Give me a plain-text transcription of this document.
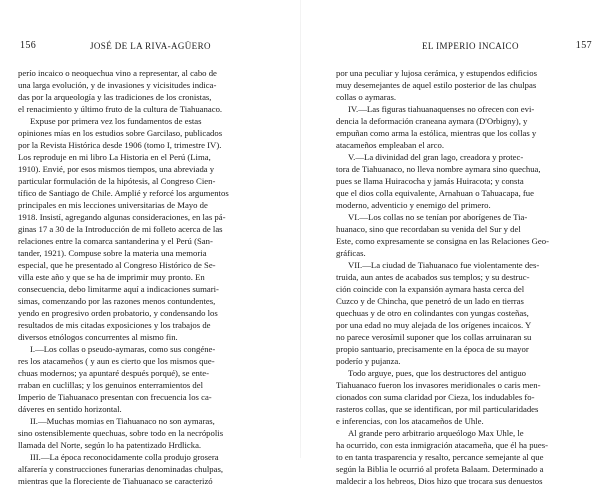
156	JOSÉ DE LA RIVA-AGÜERO
perío incaico o neoquechua vino a representar, al cabo de
una larga evolución, y de invasiones y vicisitudes indica-
das por la arqueología y las tradiciones de los cronistas,
el renacimiento y último fruto de la cultura de Tiahuanaco.
Expuse por primera vez los fundamentos de estas
opiniones mías en los estudios sobre Garcilaso, publicados
por la Revista Histórica desde 1906 (tomo I, trimestre IV).
Los reproduje en mi libro La Historia en el Perú (Lima,
1910). Envié, por esos mismos tiempos, una abreviada y
particular formulación de la hipótesis, al Congreso Cien-
tífico de Santiago de Chile. Amplié y reforcé los argumentos
principales en mis lecciones universitarias de Mayo de
1918. Insistí, agregando algunas consideraciones, en las pá-
ginas 17 a 30 de la Introducción de mi folleto acerca de las
relaciones entre la comarca santanderina y el Perú (San-
tander, 1921). Compuse sobre la materia una memoria
especial, que he presentado al Congreso Histórico de Se-
villa este año y que se ha de imprimir muy pronto. En
consecuencia, debo limitarme aquí a indicaciones sumari-
simas, comenzando por las razones menos contundentes,
yendo en progresivo orden probatorio, y condensando los
resultados de mis citadas exposiciones y los trabajos de
diversos etnólogos concurrentes al mismo fin.
I.—Los collas o pseudo-aymaras, como sus congéne-
res los atacameños ( y aun es cierto que los mismos que-
chuas modernos; ya apuntaré después porqué), se ente-
rraban en cuclillas; y los genuinos enterramientos del
Imperio de Tiahuanaco presentan con frecuencia los ca-
dáveres en sentido horizontal.
II.—Muchas momias en Tiahuanaco no son aymaras,
sino ostensiblemente quechuas, sobre todo en la necrópolis
llamada del Norte, según lo ha patentizado Hrdlicka.
III.—La época reconocidamente colla produjo grosera
alfarería y construcciones funerarias denominadas chulpas,
mientras que la floreciente de Tiahuanaco se caracterizó
EL IMPERIO INCAICO	157
por una peculiar y lujosa cerámica, y estupendos edificios
muy desemejantes de aquel estilo posterior de las chulpas
collas o aymaras.
IV.—Las figuras tiahuanaquenses no ofrecen con evi-
dencia la deformación craneana aymara (D'Orbigny), y
empuñan como arma la estólica, mientras que los collas y
atacameños empleaban el arco.
V.—La divinidad del gran lago, creadora y protec-
tora de Tiahuanaco, no lleva nombre aymara sino quechua,
pues se llama Huiracocha y jamás Huiracota; y consta
que el dios colla equivalente, Arnahuan o Tahuacapa, fue
moderno, adventicio y enemigo del primero.
VI.—Los collas no se tenían por aborígenes de Tia-
huanaco, sino que recordaban su venida del Sur y del
Este, como expresamente se consigna en las Relaciones Geo-
gráficas.
VII.—La ciudad de Tiahuanaco fue violentamente des-
truida, aun antes de acabados sus templos; y su destruc-
ción coincide con la expansión aymara hasta cerca del
Cuzco y de Chincha, que penetró de un lado en tierras
quechuas y de otro en colindantes con yungas costeñas,
por una edad no muy alejada de los orígenes incaicos. Y
no parece verosímil suponer que los collas arruinaran su
propio santuario, precisamente en la época de su mayor
poderío y pujanza.
Todo arguye, pues, que los destructores del antiguo
Tiahuanaco fueron los invasores meridionales o caris men-
cionados con suma claridad por Cieza, los indudables fo-
rasteros collas, que se identifican, por mil particularidades
e inferencias, con los atacameños de Uhle.
Al grande pero arbitrario arqueólogo Max Uhle, le
ha ocurrido, con esta inmigración atacameña, que él ha pues-
to en tanta trasparencia y resalto, percance semejante al que
según la Biblia le ocurrió al profeta Balaam. Determinado a
maldecir a los hebreos, Dios hizo que trocara sus denuestos
